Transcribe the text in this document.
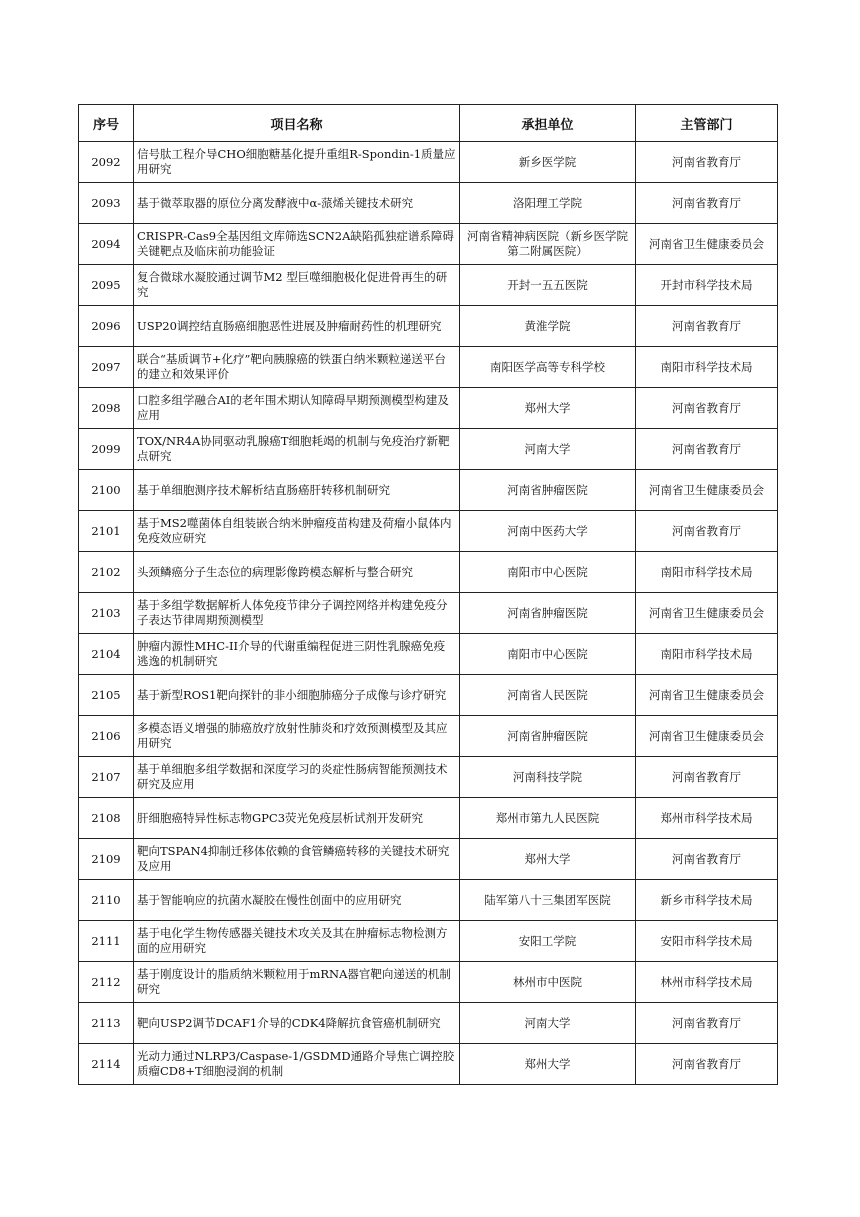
序号	项目名称	承担单位	主管部门
2092	信号肽工程介导CHO细胞糖基化提升重组R-Spondin-1质量应用研究	新乡医学院	河南省教育厅
2093	基于微萃取器的原位分离发酵液中α-蒎烯关键技术研究	洛阳理工学院	河南省教育厅
2094	CRISPR-Cas9全基因组文库筛选SCN2A缺陷孤独症谱系障碍关键靶点及临床前功能验证	河南省精神病医院（新乡医学院第二附属医院）	河南省卫生健康委员会
2095	复合微球水凝胶通过调节M2 型巨噬细胞极化促进骨再生的研究	开封一五五医院	开封市科学技术局
2096	USP20调控结直肠癌细胞恶性进展及肿瘤耐药性的机理研究	黄淮学院	河南省教育厅
2097	联合“基质调节+化疗”靶向胰腺癌的铁蛋白纳米颗粒递送平台的建立和效果评价	南阳医学高等专科学校	南阳市科学技术局
2098	口腔多组学融合AI的老年围术期认知障碍早期预测模型构建及应用	郑州大学	河南省教育厅
2099	TOX/NR4A协同驱动乳腺癌T细胞耗竭的机制与免疫治疗新靶点研究	河南大学	河南省教育厅
2100	基于单细胞测序技术解析结直肠癌肝转移机制研究	河南省肿瘤医院	河南省卫生健康委员会
2101	基于MS2噬菌体自组装嵌合纳米肿瘤疫苗构建及荷瘤小鼠体内免疫效应研究	河南中医药大学	河南省教育厅
2102	头颈鳞癌分子生态位的病理影像跨模态解析与整合研究	南阳市中心医院	南阳市科学技术局
2103	基于多组学数据解析人体免疫节律分子调控网络并构建免疫分子表达节律周期预测模型	河南省肿瘤医院	河南省卫生健康委员会
2104	肿瘤内源性MHC-II介导的代谢重编程促进三阴性乳腺癌免疫逃逸的机制研究	南阳市中心医院	南阳市科学技术局
2105	基于新型ROS1靶向探针的非小细胞肺癌分子成像与诊疗研究	河南省人民医院	河南省卫生健康委员会
2106	多模态语义增强的肺癌放疗放射性肺炎和疗效预测模型及其应用研究	河南省肿瘤医院	河南省卫生健康委员会
2107	基于单细胞多组学数据和深度学习的炎症性肠病智能预测技术研究及应用	河南科技学院	河南省教育厅
2108	肝细胞癌特异性标志物GPC3荧光免疫层析试剂开发研究	郑州市第九人民医院	郑州市科学技术局
2109	靶向TSPAN4抑制迁移体依赖的食管鳞癌转移的关键技术研究及应用	郑州大学	河南省教育厅
2110	基于智能响应的抗菌水凝胶在慢性创面中的应用研究	陆军第八十三集团军医院	新乡市科学技术局
2111	基于电化学生物传感器关键技术攻关及其在肿瘤标志物检测方面的应用研究	安阳工学院	安阳市科学技术局
2112	基于刚度设计的脂质纳米颗粒用于mRNA器官靶向递送的机制研究	林州市中医院	林州市科学技术局
2113	靶向USP2调节DCAF1介导的CDK4降解抗食管癌机制研究	河南大学	河南省教育厅
2114	光动力通过NLRP3/Caspase-1/GSDMD通路介导焦亡调控胶质瘤CD8+T细胞浸润的机制	郑州大学	河南省教育厅
